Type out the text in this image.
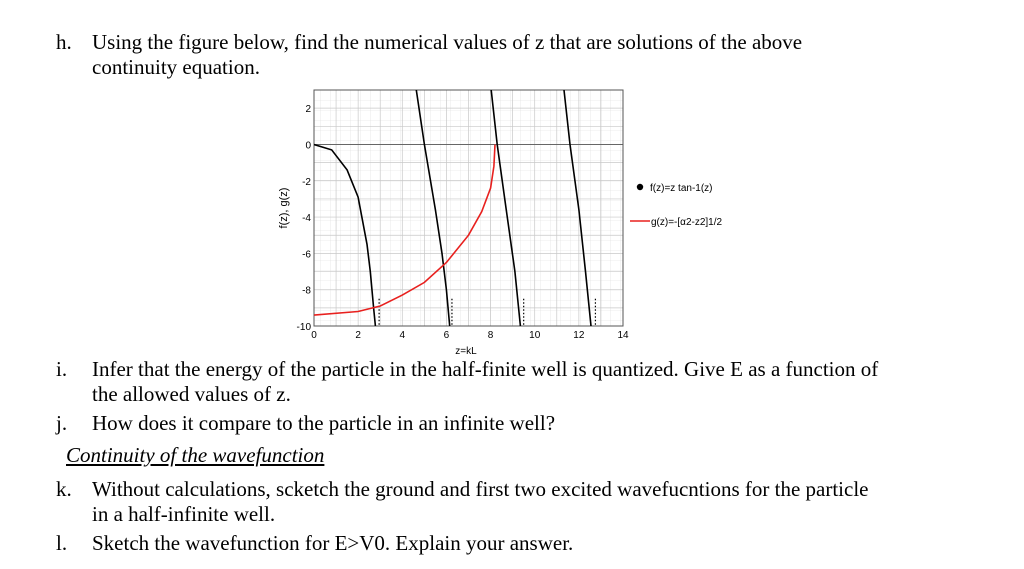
h. Using the figure below, find the numerical values of z that are solutions of the above
continuity equation.
0	2	4	6	8	10	12	14
2
0
-2
-4
-6
-8
-10
z=kL
f(z), g(z)	f(z)=z tan-1(z)
g(z)=-[α2-z2]1/2
i. Infer that the energy of the particle in the half-finite well is quantized. Give E as a function of
the allowed values of z.
j. How does it compare to the particle in an infinite well?
Continuity of the wavefunction
k. Without calculations, scketch the ground and first two excited wavefucntions for the particle
in a half-infinite well.
l. Sketch the wavefunction for E>V0. Explain your answer.
